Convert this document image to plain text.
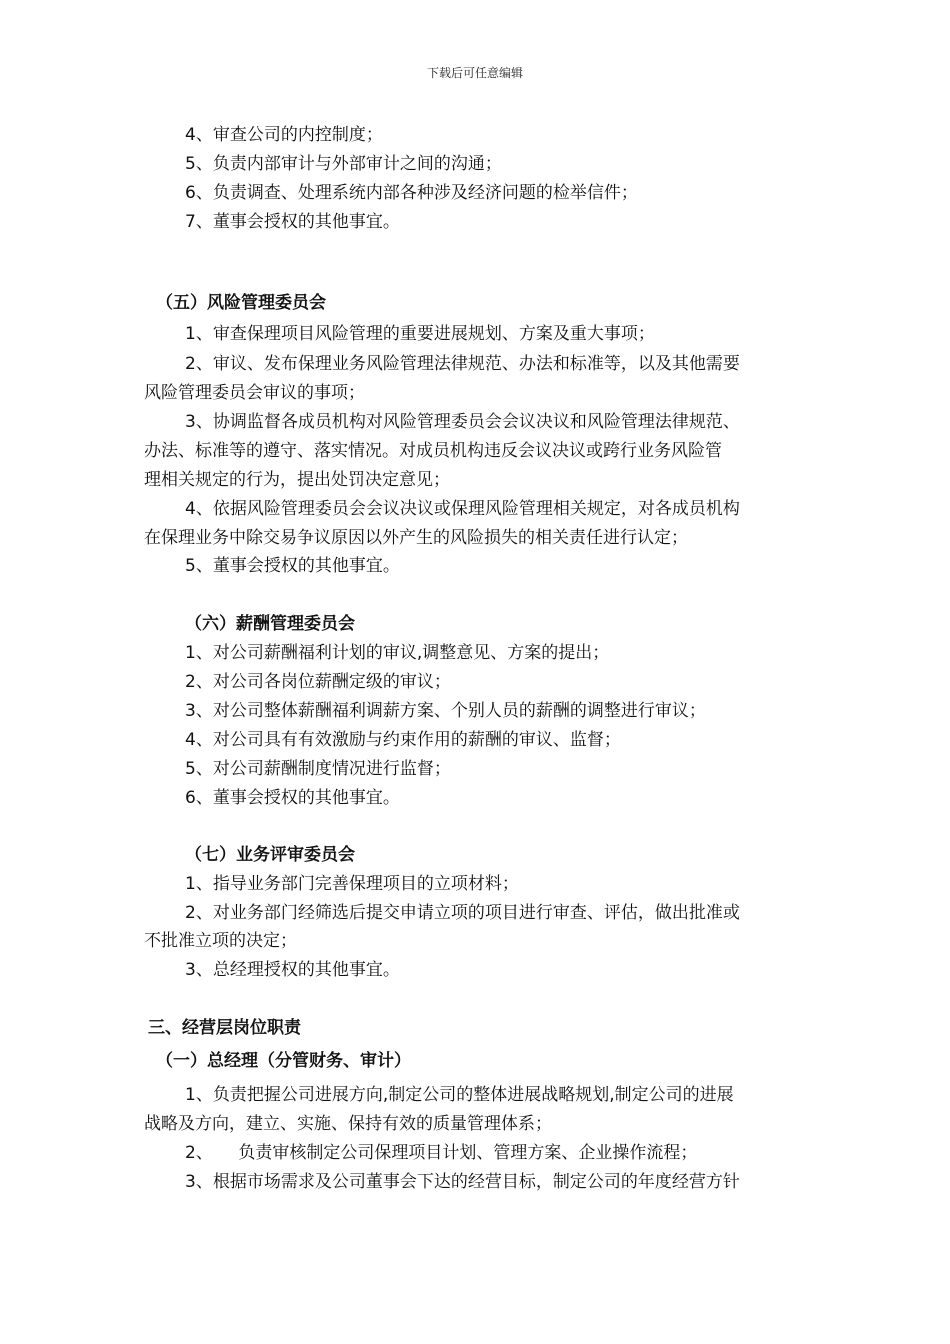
下载后可任意编辑
4、审查公司的内控制度；
5、负责内部审计与外部审计之间的沟通；
6、负责调查、处理系统内部各种涉及经济问题的检举信件；
7、董事会授权的其他事宜。
（五）风险管理委员会
1、审查保理项目风险管理的重要进展规划、方案及重大事项；
2、审议、发布保理业务风险管理法律规范、办法和标准等，以及其他需要
风险管理委员会审议的事项；
3、协调监督各成员机构对风险管理委员会会议决议和风险管理法律规范、
办法、标准等的遵守、落实情况。对成员机构违反会议决议或跨行业务风险管
理相关规定的行为，提出处罚决定意见；
4、依据风险管理委员会会议决议或保理风险管理相关规定，对各成员机构
在保理业务中除交易争议原因以外产生的风险损失的相关责任进行认定；
5、董事会授权的其他事宜。
（六）薪酬管理委员会
1、对公司薪酬福利计划的审议,调整意见、方案的提出；
2、对公司各岗位薪酬定级的审议；
3、对公司整体薪酬福利调薪方案、个别人员的薪酬的调整进行审议；
4、对公司具有有效激励与约束作用的薪酬的审议、监督；
5、对公司薪酬制度情况进行监督；
6、董事会授权的其他事宜。
（七）业务评审委员会
1、指导业务部门完善保理项目的立项材料；
2、对业务部门经筛选后提交申请立项的项目进行审查、评估，做出批准或
不批准立项的决定；
3、总经理授权的其他事宜。
三、经营层岗位职责
（一）总经理（分管财务、审计）
1、负责把握公司进展方向,制定公司的整体进展战略规划,制定公司的进展
战略及方向，建立、实施、保持有效的质量管理体系；
2、　　负责审核制定公司保理项目计划、管理方案、企业操作流程；
3、根据市场需求及公司董事会下达的经营目标，制定公司的年度经营方针
